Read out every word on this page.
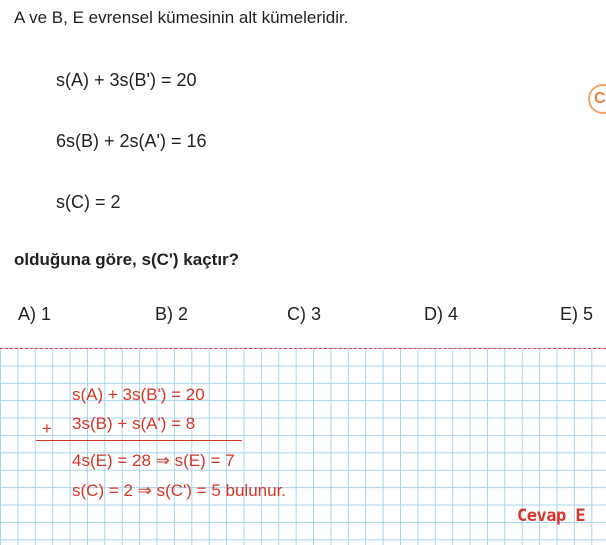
A ve B, E evrensel kümesinin alt kümeleridir.
s(A) + 3s(B') = 20
6s(B) + 2s(A') = 16
s(C) = 2
C
olduğuna göre, s(C') kaçtır?
A) 1	B) 2	C) 3	D) 4	E) 5
s(A) + 3s(B') = 20
+ 3s(B) + s(A') = 8
4s(E) = 28 ⇒ s(E) = 7
s(C) = 2 ⇒ s(C') = 5 bulunur.
Cevap E
